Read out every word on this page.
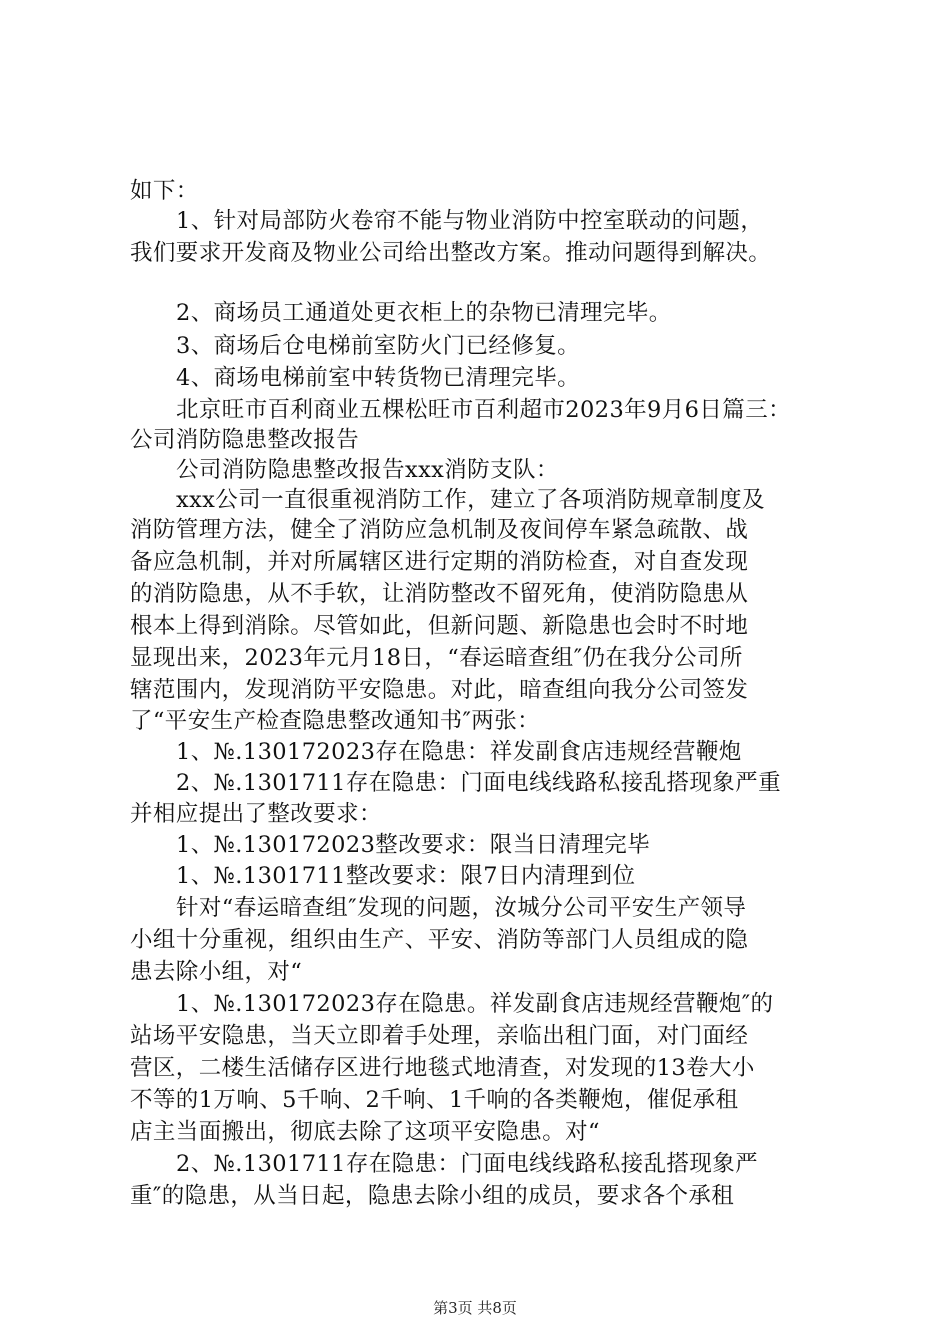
如下：
1、针对局部防火卷帘不能与物业消防中控室联动的问题，
我们要求开发商及物业公司给出整改方案。推动问题得到解决。
2、商场员工通道处更衣柜上的杂物已清理完毕。
3、商场后仓电梯前室防火门已经修复。
4、商场电梯前室中转货物已清理完毕。
北京旺市百利商业五棵松旺市百利超市2023年9月6日篇三：
公司消防隐患整改报告
公司消防隐患整改报告xxx消防支队：
xxx公司一直很重视消防工作，建立了各项消防规章制度及
消防管理方法，健全了消防应急机制及夜间停车紧急疏散、战
备应急机制，并对所属辖区进行定期的消防检查，对自查发现
的消防隐患，从不手软，让消防整改不留死角，使消防隐患从
根本上得到消除。尽管如此，但新问题、新隐患也会时不时地
显现出来，2023年元月18日，“春运暗查组″仍在我分公司所
辖范围内，发现消防平安隐患。对此，暗查组向我分公司签发
了“平安生产检查隐患整改通知书″两张：
1、№.130172023存在隐患：祥发副食店违规经营鞭炮
2、№.1301711存在隐患：门面电线线路私接乱搭现象严重
并相应提出了整改要求：
1、№.130172023整改要求：限当日清理完毕
1、№.1301711整改要求：限7日内清理到位
针对“春运暗查组″发现的问题，汝城分公司平安生产领导
小组十分重视，组织由生产、平安、消防等部门人员组成的隐
患去除小组，对“
1、№.130172023存在隐患。祥发副食店违规经营鞭炮″的
站场平安隐患，当天立即着手处理，亲临出租门面，对门面经
营区，二楼生活储存区进行地毯式地清查，对发现的13卷大小
不等的1万响、5千响、2千响、1千响的各类鞭炮，催促承租
店主当面搬出，彻底去除了这项平安隐患。对“
2、№.1301711存在隐患：门面电线线路私接乱搭现象严
重″的隐患，从当日起，隐患去除小组的成员，要求各个承租
第3页 共8页
